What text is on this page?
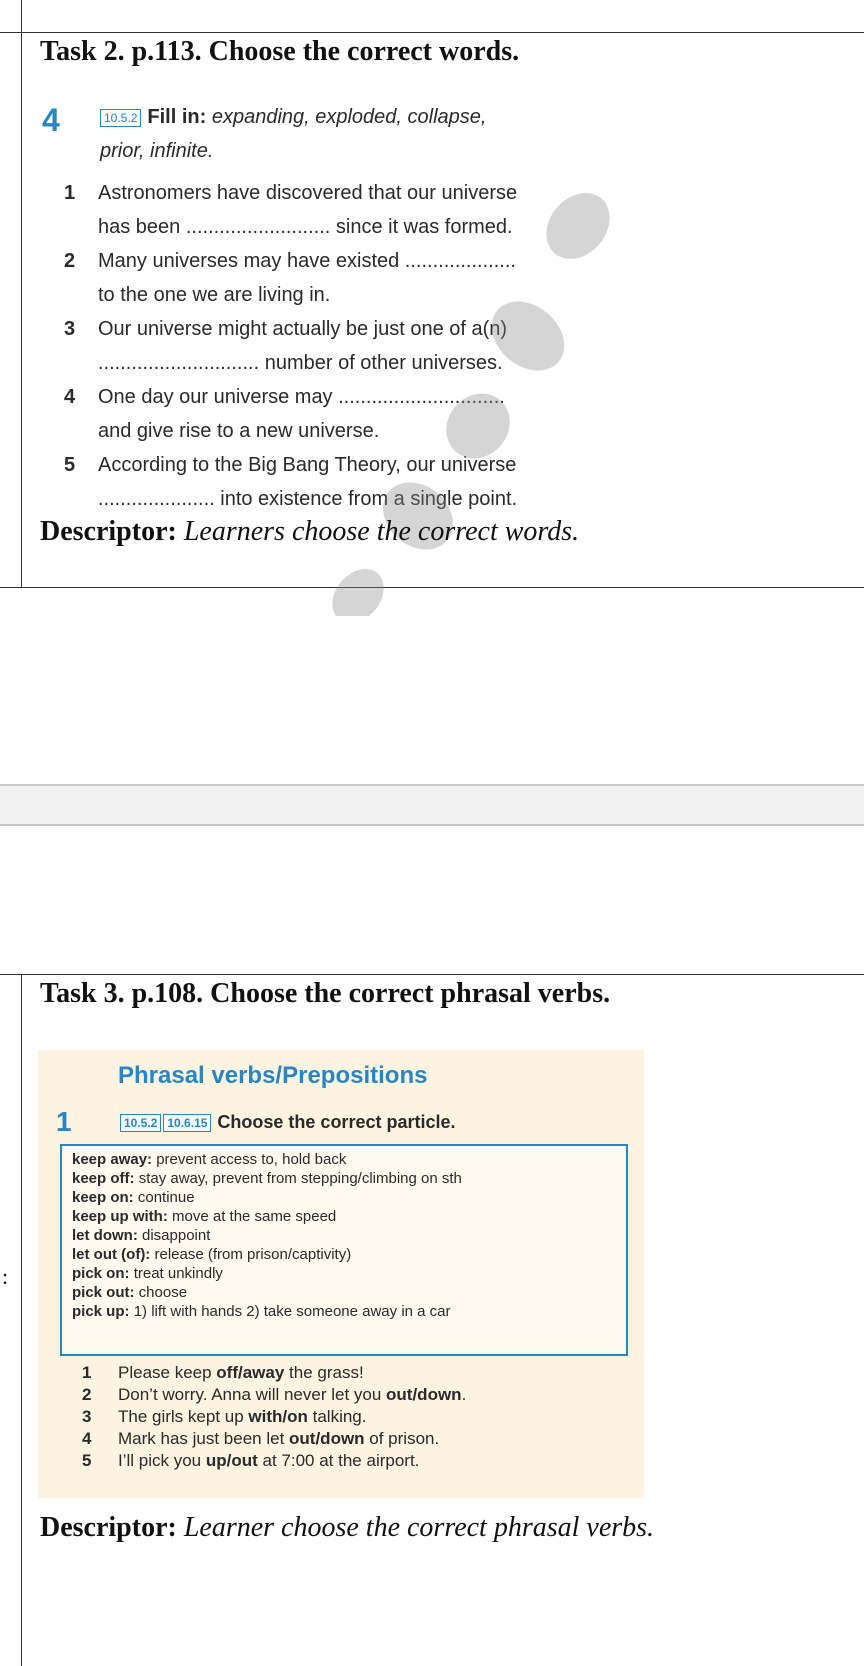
Task 2. p.113. Choose the correct words.
4	10.5.2 Fill in: expanding, exploded, collapse,
prior, infinite.
1 Astronomers have discovered that our universe
has been .......................... since it was formed.
2 Many universes may have existed ....................
to the one we are living in.
3 Our universe might actually be just one of a(n)
............................. number of other universes.
4 One day our universe may ..............................
and give rise to a new universe.
5 According to the Big Bang Theory, our universe
..................... into existence from a single point.
Descriptor: Learners choose the correct words.
:
Task 3. p.108. Choose the correct phrasal verbs.
Phrasal verbs/Prepositions
1	10.5.2 10.6.15 Choose the correct particle.
keep away: prevent access to, hold back
keep off: stay away, prevent from stepping/climbing on sth
keep on: continue
keep up with: move at the same speed
let down: disappoint
let out (of): release (from prison/captivity)
pick on: treat unkindly
pick out: choose
pick up: 1) lift with hands 2) take someone away in a car
1 Please keep off/away the grass!
2 Don’t worry. Anna will never let you out/down.
3 The girls kept up with/on talking.
4 Mark has just been let out/down of prison.
5 I’ll pick you up/out at 7:00 at the airport.
Descriptor: Learner choose the correct phrasal verbs.
